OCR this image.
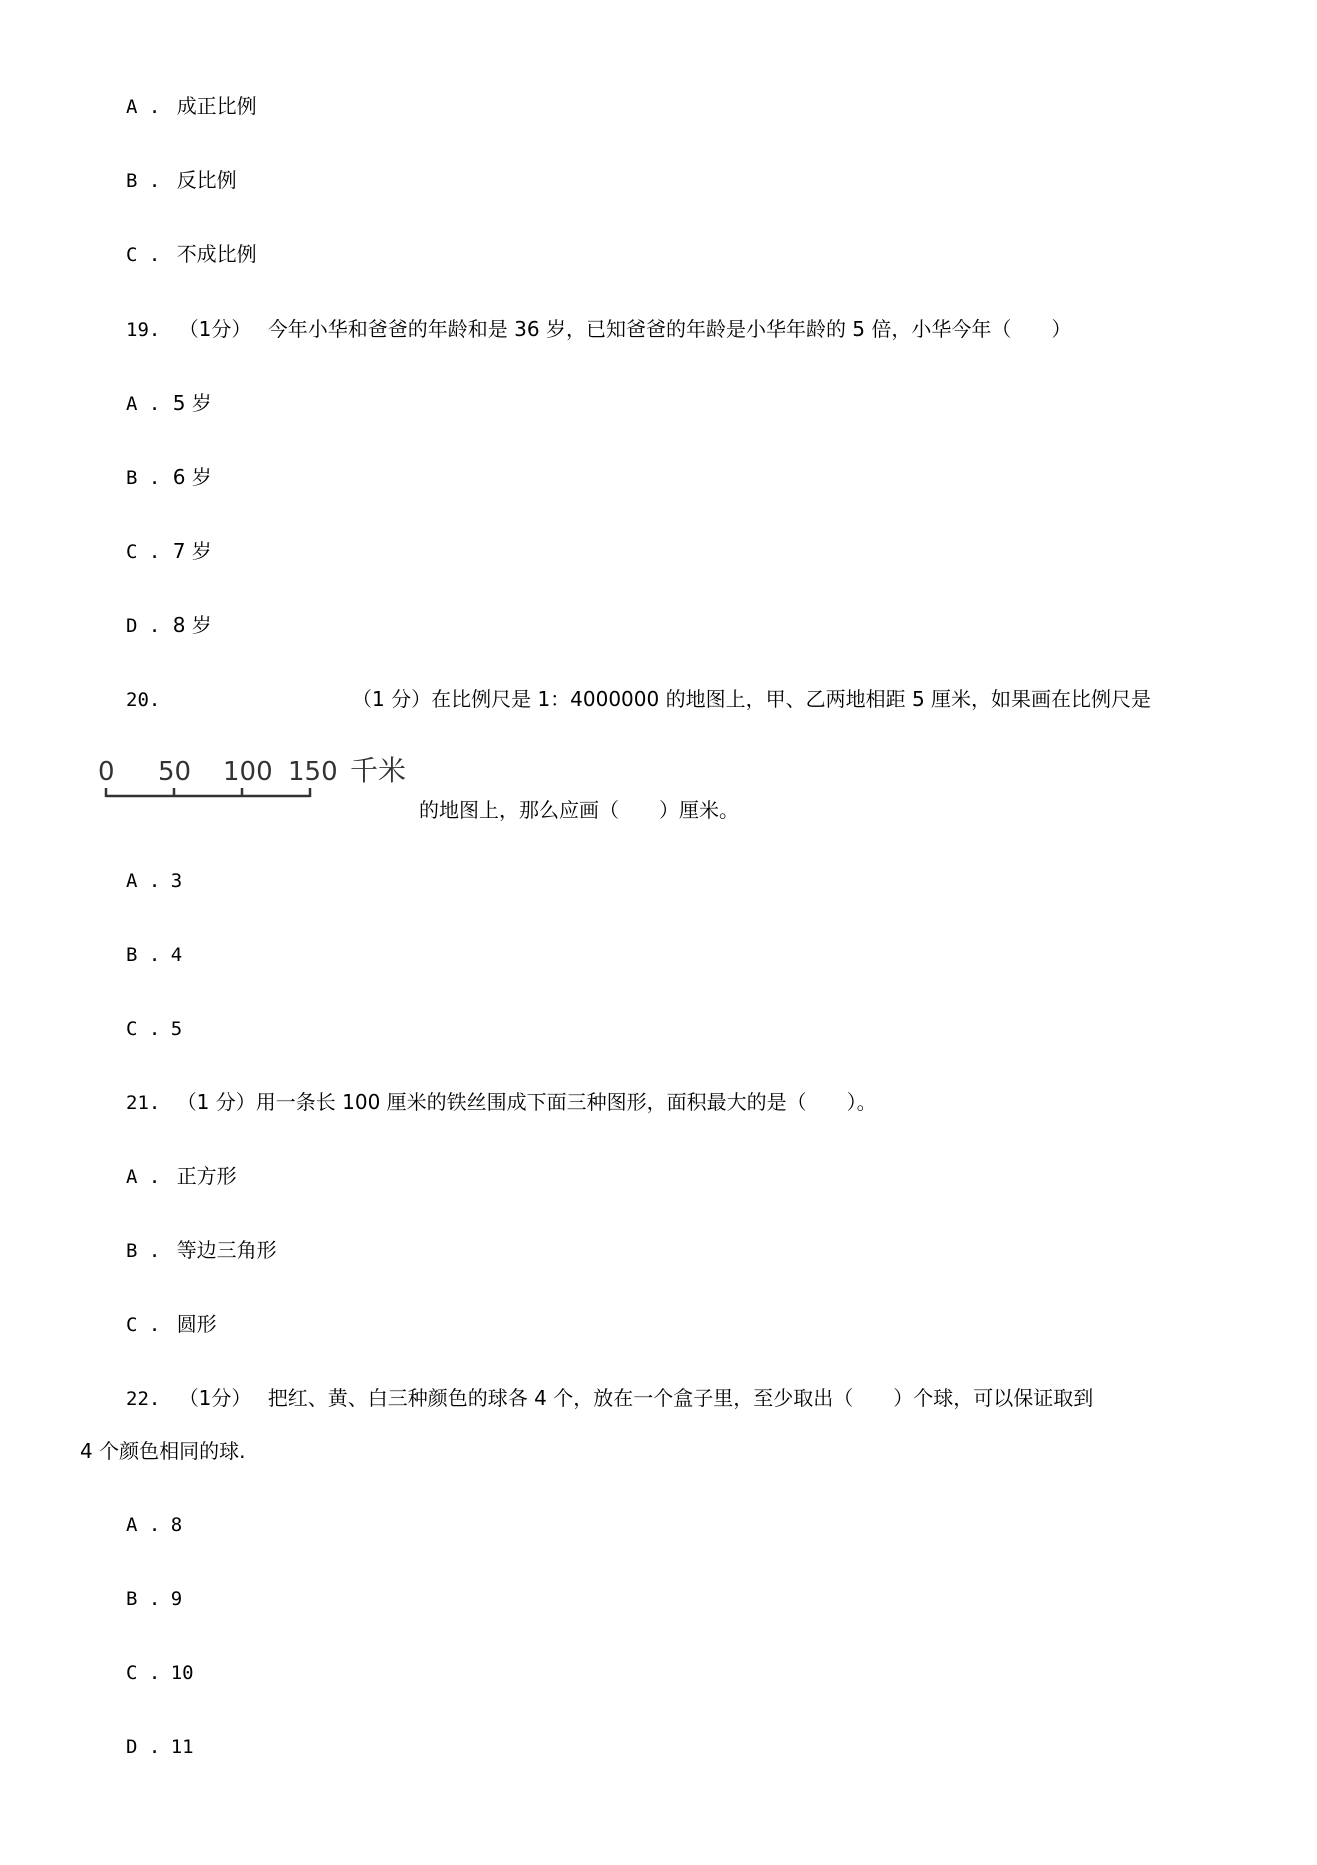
A . 成正比例
B . 反比例
C . 不成比例
19. （1分） 今年小华和爸爸的年龄和是 36 岁，已知爸爸的年龄是小华年龄的 5 倍，小华今年（　　）
A . 5 岁
B . 6 岁
C . 7 岁
D . 8 岁
20.	（1 分）在比例尺是 1：4000000 的地图上，甲、乙两地相距 5 厘米，如果画在比例尺是
0 50 100 150 千米
的地图上，那么应画（　　）厘米。
A . 3
B . 4
C . 5
21. （1 分）用一条长 100 厘米的铁丝围成下面三种图形，面积最大的是（　　）。
A . 正方形
B . 等边三角形
C . 圆形
22. （1分） 把红、黄、白三种颜色的球各 4 个，放在一个盒子里，至少取出（　　）个球，可以保证取到
4 个颜色相同的球.
A . 8
B . 9
C . 10
D . 11
